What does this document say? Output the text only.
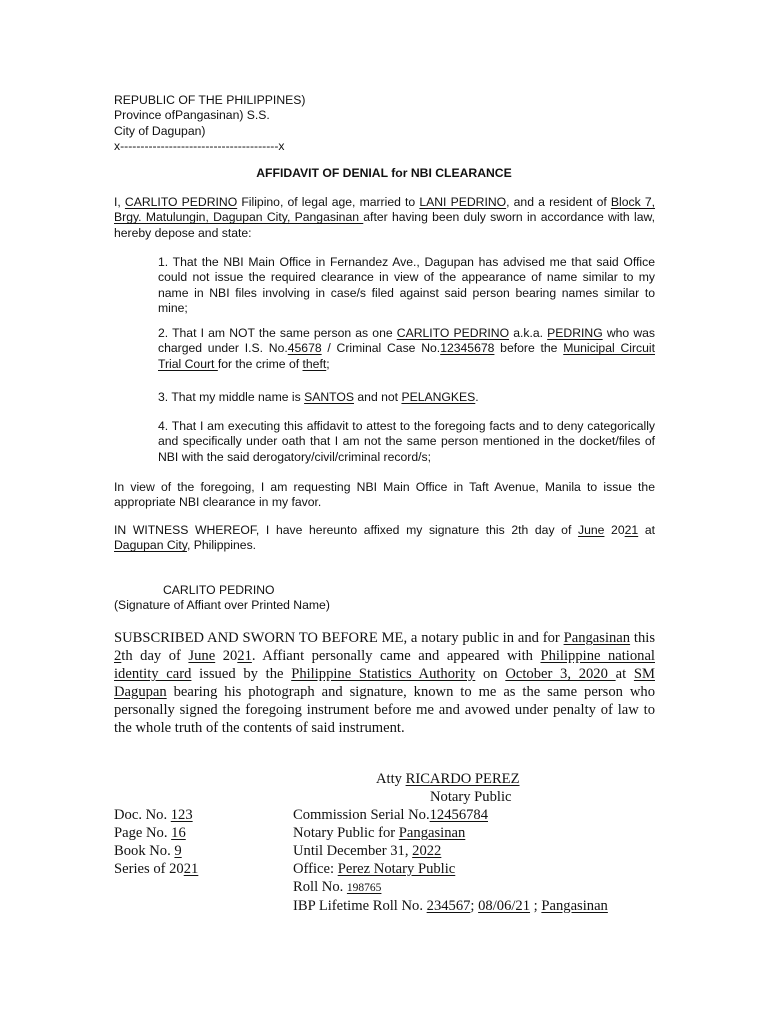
REPUBLIC OF THE PHILIPPINES)
Province ofPangasinan) S.S.
City of Dagupan)
x---------------------------------------x
AFFIDAVIT OF DENIAL for NBI CLEARANCE
I, CARLITO PEDRINO Filipino, of legal age, married to LANI PEDRINO, and a resident of Block 7, Brgy. Matulungin, Dagupan City, Pangasinan after having been duly sworn in accordance with law, hereby depose and state:
1. That the NBI Main Office in Fernandez Ave., Dagupan has advised me that said Office could not issue the required clearance in view of the appearance of name similar to my name in NBI files involving in case/s filed against said person bearing names similar to mine;
2. That I am NOT the same person as one CARLITO PEDRINO a.k.a. PEDRING who was charged under I.S. No.45678 / Criminal Case No.12345678 before the Municipal Circuit Trial Court for the crime of theft;
3. That my middle name is SANTOS and not PELANGKES.
4. That I am executing this affidavit to attest to the foregoing facts and to deny categorically and specifically under oath that I am not the same person mentioned in the docket/files of NBI with the said derogatory/civil/criminal record/s;
In view of the foregoing, I am requesting NBI Main Office in Taft Avenue, Manila to issue the appropriate NBI clearance in my favor.
IN WITNESS WHEREOF, I have hereunto affixed my signature this 2th day of June 2021 at Dagupan City, Philippines.
CARLITO PEDRINO
(Signature of Affiant over Printed Name)
SUBSCRIBED AND SWORN TO BEFORE ME, a notary public in and for Pangasinan this 2th day of June 2021. Affiant personally came and appeared with Philippine national identity card issued by the Philippine Statistics Authority on October 3, 2020 at SM Dagupan bearing his photograph and signature, known to me as the same person who personally signed the foregoing instrument before me and avowed under penalty of law to the whole truth of the contents of said instrument.
Atty RICARDO PEREZ
Notary Public
Doc. No. 123
Page No. 16
Book No. 9
Series of 2021
Commission Serial No.12456784
Notary Public for Pangasinan
Until December 31, 2022
Office: Perez Notary Public
Roll No. 198765
IBP Lifetime Roll No. 234567; 08/06/21 ; Pangasinan
